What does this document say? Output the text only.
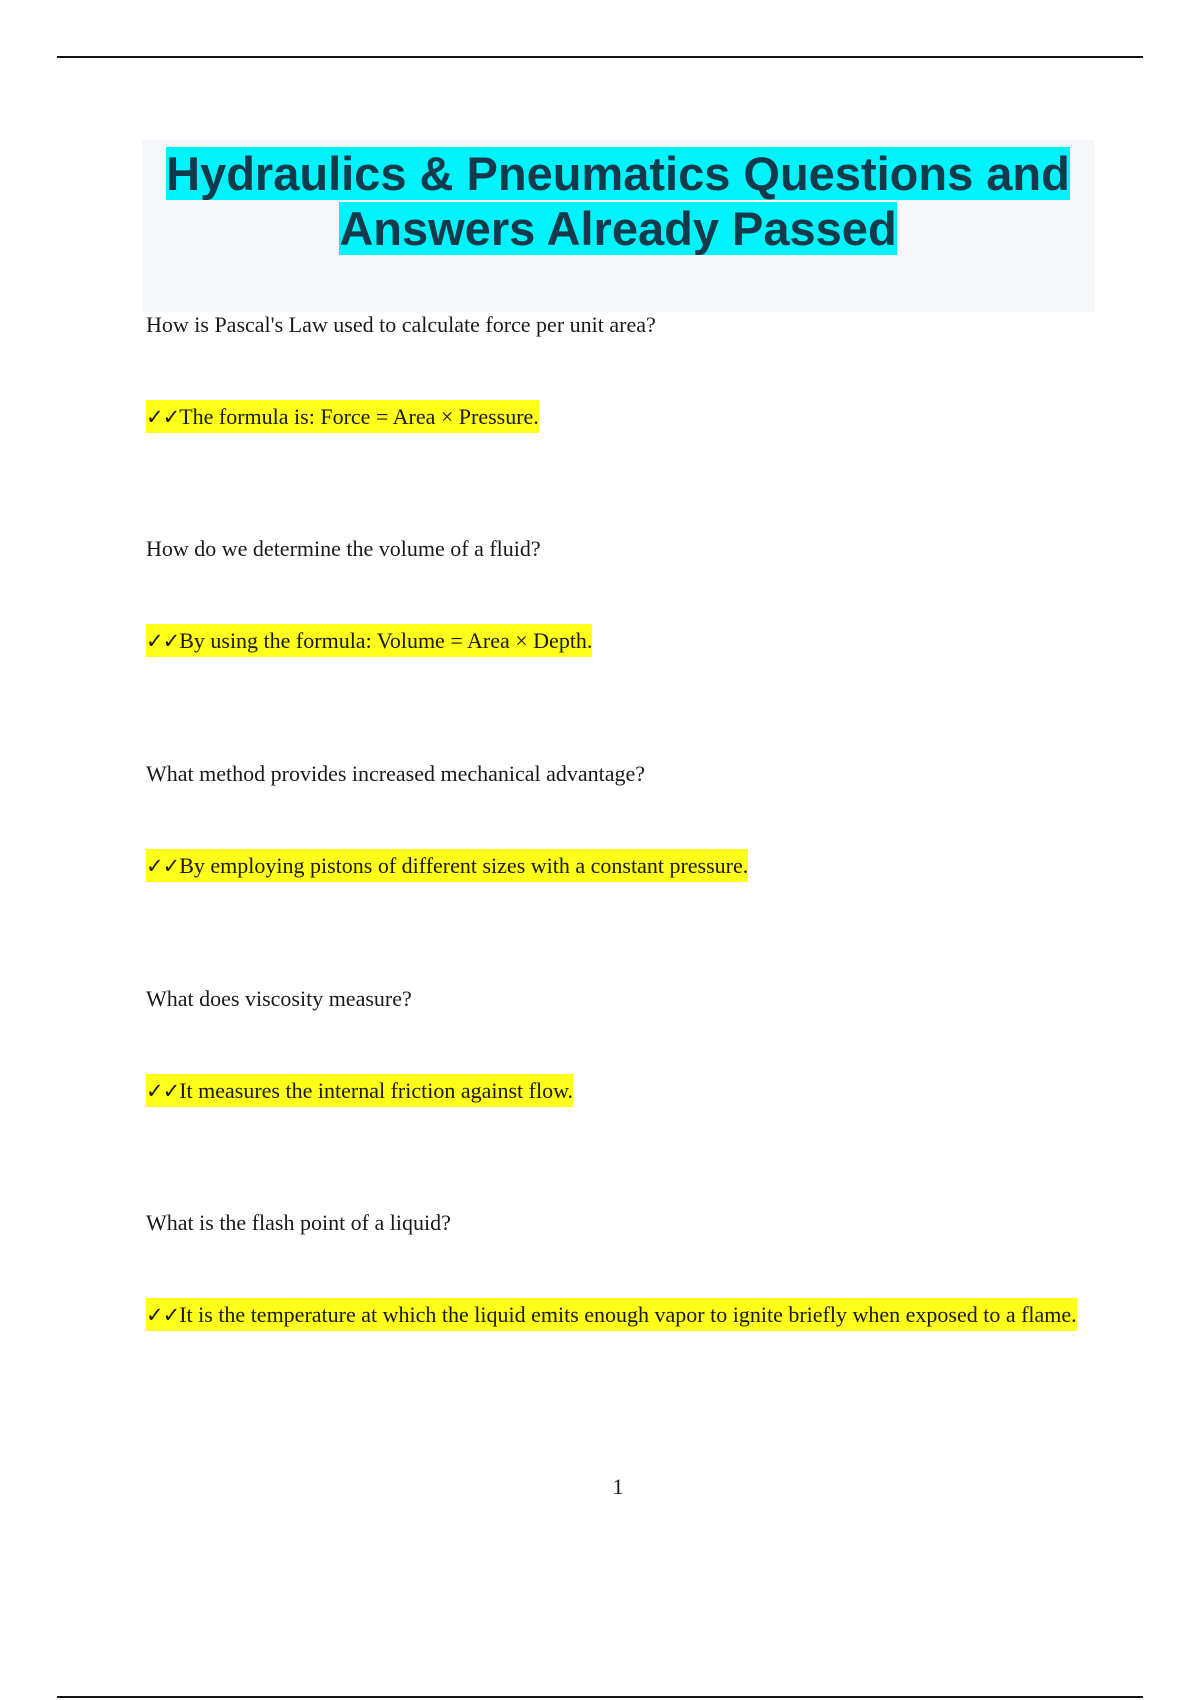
Hydraulics & Pneumatics Questions and
Answers Already Passed

How is Pascal's Law used to calculate force per unit area?

✓✓The formula is: Force = Area × Pressure.

How do we determine the volume of a fluid?

✓✓By using the formula: Volume = Area × Depth.

What method provides increased mechanical advantage?

✓✓By employing pistons of different sizes with a constant pressure.

What does viscosity measure?

✓✓It measures the internal friction against flow.

What is the flash point of a liquid?

✓✓It is the temperature at which the liquid emits enough vapor to ignite briefly when exposed to a flame.

1
